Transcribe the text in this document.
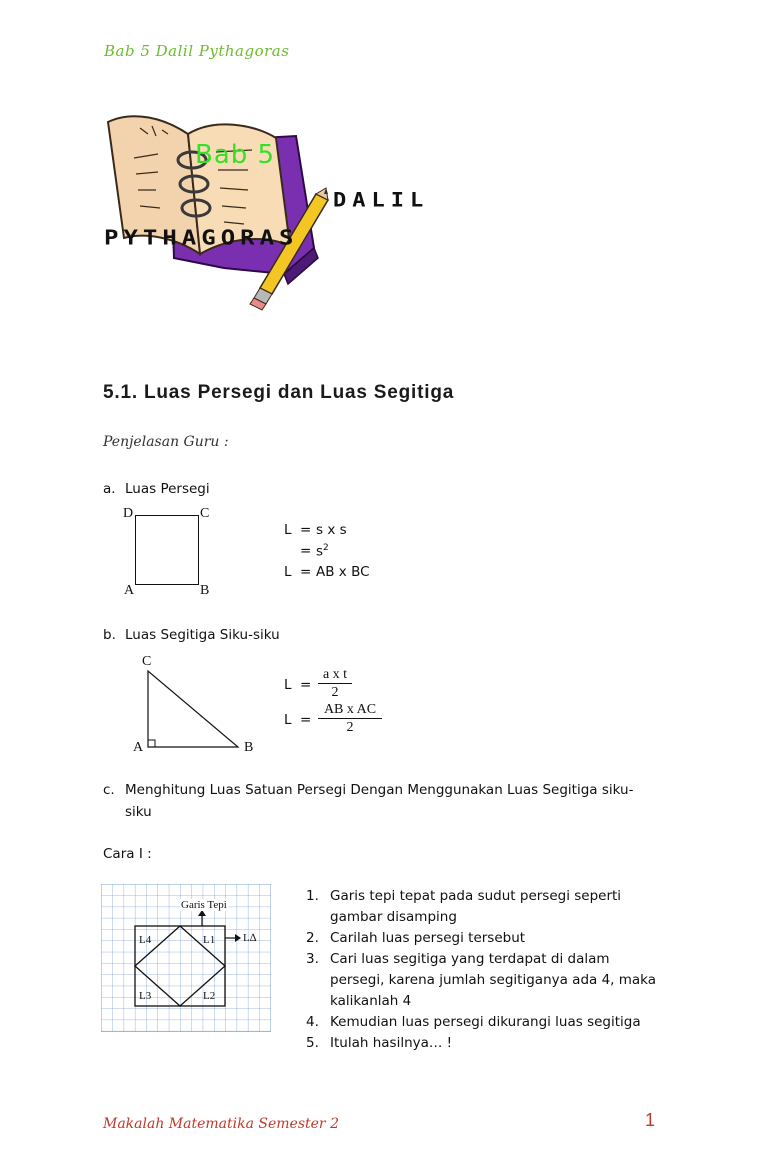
Bab 5 Dalil Pythagoras
Bab 5
DALIL
PYTHAGORAS
5.1. Luas Persegi dan Luas Segitiga
Penjelasan Guru :
a. Luas Persegi
D	C
A	B
L = s x s
= $s^2$
L = AB x BC
b. Luas Segitiga Siku-siku
C
A	B
$L = \frac{\text{a x t}}{2}$
$L = \frac{\text{AB x AC}}{2}$
c. Menghitung Luas Satuan Persegi Dengan Menggunakan Luas Segitiga siku-
siku
Cara I :
Garis Tepi
L4	L1	L∆
L3	L2
1. Garis tepi tepat pada sudut persegi seperti gambar disamping
2. Carilah luas persegi tersebut
3. Cari luas segitiga yang terdapat di dalam persegi, karena jumlah segitiganya ada 4, maka kalikanlah 4
4. Kemudian luas persegi dikurangi luas segitiga
5. Itulah hasilnya… !
Makalah Matematika Semester 2	1
